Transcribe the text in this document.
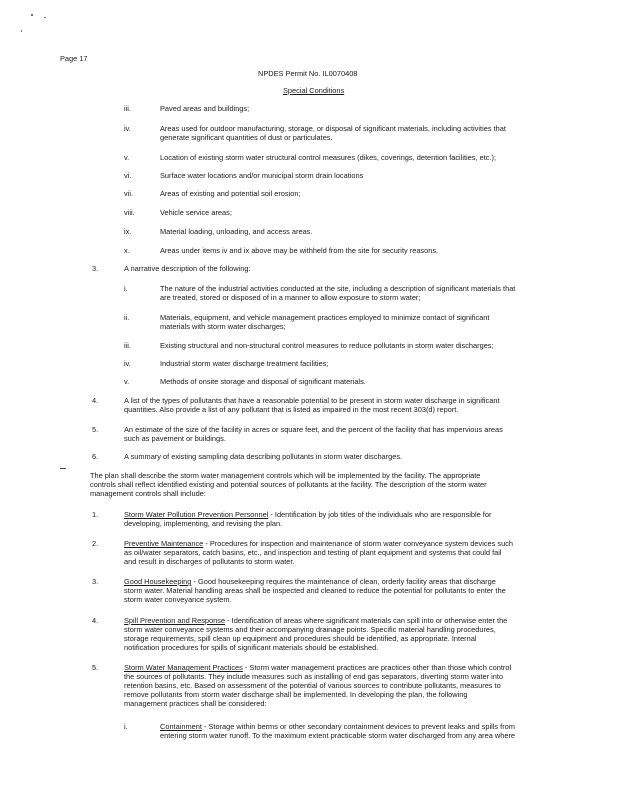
Page 17
NPDES Permit No. IL0070408
Special Conditions
iii.	Paved areas and buildings;
iv.	Areas used for outdoor manufacturing, storage, or disposal of significant materials, including activities that
generate significant quantities of dust or particulates.
v.	Location of existing storm water structural control measures (dikes, coverings, detention facilities, etc.);
vi.	Surface water locations and/or municipal storm drain locations
vii.	Areas of existing and potential soil erosion;
viii.	Vehicle service areas;
ix.	Material loading, unloading, and access areas.
x.	Areas under items iv and ix above may be withheld from the site for security reasons.
3.	A narrative description of the following:
i.	The nature of the industrial activities conducted at the site, including a description of significant materials that
are treated, stored or disposed of in a manner to allow exposure to storm water;
ii.	Materials, equipment, and vehicle management practices employed to minimize contact of significant
materials with storm water discharges;
iii.	Existing structural and non-structural control measures to reduce pollutants in storm water discharges;
iv.	Industrial storm water discharge treatment facilities;
v.	Methods of onsite storage and disposal of significant materials.
4.	A list of the types of pollutants that have a reasonable potential to be present in storm water discharge in significant
quantities. Also provide a list of any pollutant that is listed as impaired in the most recent 303(d) report.
5.	An estimate of the size of the facility in acres or square feet, and the percent of the facility that has impervious areas
such as pavement or buildings.
6.	A summary of existing sampling data describing pollutants in storm water discharges.
The plan shall describe the storm water management controls which will be implemented by the facility. The appropriate
controls shall reflect identified existing and potential sources of pollutants at the facility. The description of the storm water
management controls shall include:
1.	Storm Water Pollution Prevention Personnel - Identification by job titles of the individuals who are responsible for
developing, implementing, and revising the plan.
2.	Preventive Maintenance - Procedures for inspection and maintenance of storm water conveyance system devices such
as oil/water separators, catch basins, etc., and inspection and testing of plant equipment and systems that could fail
and result in discharges of pollutants to storm water.
3.	Good Housekeeping - Good housekeeping requires the maintenance of clean, orderly facility areas that discharge
storm water. Material handling areas shall be inspected and cleaned to reduce the potential for pollutants to enter the
storm water conveyance system.
4.	Spill Prevention and Response - Identification of areas where significant materials can spill into or otherwise enter the
storm water conveyance systems and their accompanying drainage points. Specific material handling procedures,
storage requirements, spill clean up equipment and procedures should be identified, as appropriate. Internal
notification procedures for spills of significant materials should be established.
5.	Storm Water Management Practices - Storm water management practices are practices other than those which control
the sources of pollutants. They include measures such as installing of end gas separators, diverting storm water into
retention basins, etc. Based on assessment of the potential of various sources to contribute pollutants, measures to
remove pollutants from storm water discharge shall be implemented. In developing the plan, the following
management practices shall be considered:
i.	Containment - Storage within berms or other secondary containment devices to prevent leaks and spills from
entering storm water runoff. To the maximum extent practicable storm water discharged from any area where
